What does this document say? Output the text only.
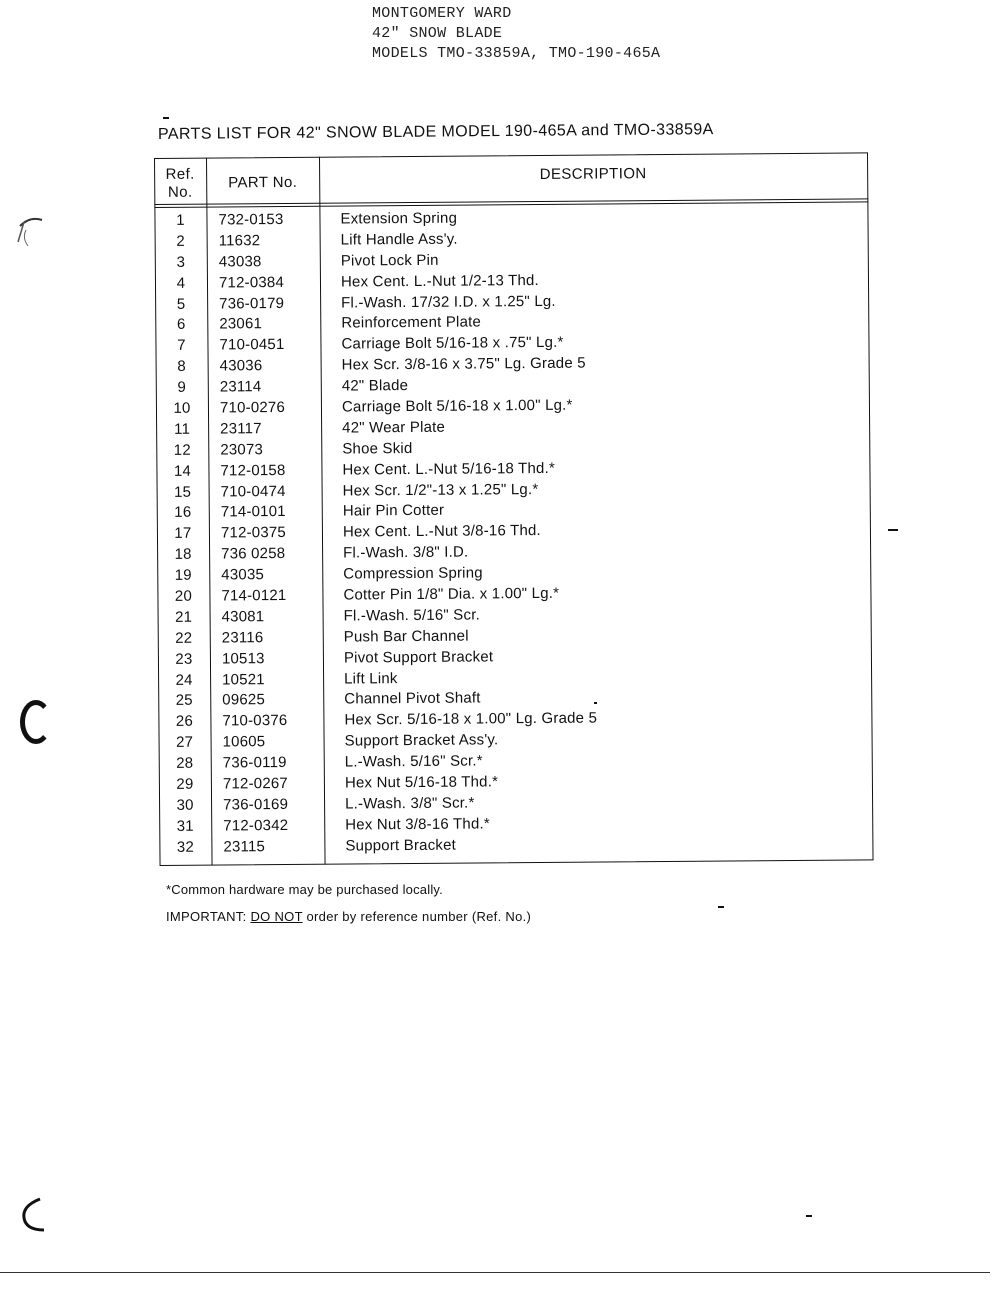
MONTGOMERY WARD
42" SNOW BLADE
MODELS TMO-33859A, TMO-190-465A
PARTS LIST FOR 42" SNOW BLADE MODEL 190-465A and TMO-33859A
Ref.
No.
PART No.	DESCRIPTION
1	732-0153	Extension Spring
2	11632	Lift Handle Ass'y.
3	43038	Pivot Lock Pin
4	712-0384	Hex Cent. L.-Nut 1/2-13 Thd.
5	736-0179	Fl.-Wash. 17/32 I.D. x 1.25" Lg.
6	23061	Reinforcement Plate
7	710-0451	Carriage Bolt 5/16-18 x .75" Lg.*
8	43036	Hex Scr. 3/8-16 x 3.75" Lg. Grade 5
9	23114	42" Blade
10	710-0276	Carriage Bolt 5/16-18 x 1.00" Lg.*
11	23117	42" Wear Plate
12	23073	Shoe Skid
14	712-0158	Hex Cent. L.-Nut 5/16-18 Thd.*
15	710-0474	Hex Scr. 1/2"-13 x 1.25" Lg.*
16	714-0101	Hair Pin Cotter
17	712-0375	Hex Cent. L.-Nut 3/8-16 Thd.
18	736 0258	Fl.-Wash. 3/8" I.D.
19	43035	Compression Spring
20	714-0121	Cotter Pin 1/8" Dia. x 1.00" Lg.*
21	43081	Fl.-Wash. 5/16" Scr.
22	23116	Push Bar Channel
23	10513	Pivot Support Bracket
24	10521	Lift Link
25	09625	Channel Pivot Shaft
26	710-0376	Hex Scr. 5/16-18 x 1.00" Lg. Grade 5
27	10605	Support Bracket Ass'y.
28	736-0119	L.-Wash. 5/16" Scr.*
29	712-0267	Hex Nut 5/16-18 Thd.*
30	736-0169	L.-Wash. 3/8" Scr.*
31	712-0342	Hex Nut 3/8-16 Thd.*
32	23115	Support Bracket
*Common hardware may be purchased locally.
IMPORTANT: DO NOT order by reference number (Ref. No.)
